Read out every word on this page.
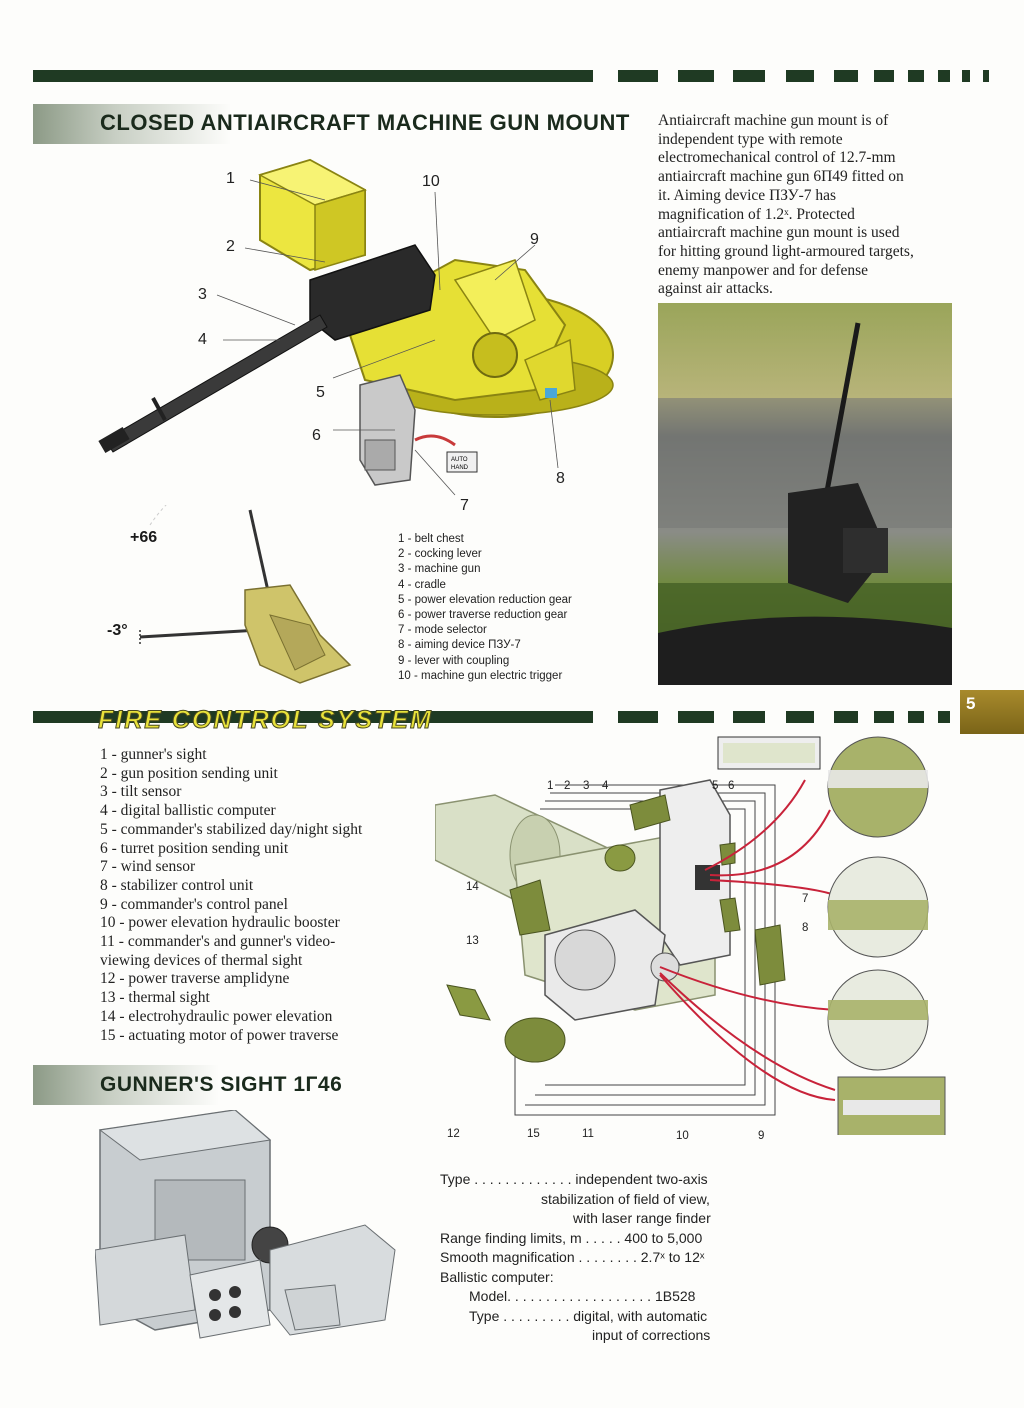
CLOSED ANTIAIRCRAFT MACHINE GUN MOUNT Antiaircraft machine gun mount is of
independent type with remote
electromechanical control of 12.7-mm
antiaircraft machine gun 6П49 fitted on
it. Aiming device ПЗУ-7 has
magnification of 1.2ˣ. Protected
antiaircraft machine gun mount is used
for hitting ground light-armoured targets,
enemy manpower and for defense
against air attacks.
AUTO
HAND
1
2
3
4
5
6
7
8
9
10
+66
-3°
1 - belt chest
2 - cocking lever
3 - machine gun
4 - cradle
5 - power elevation reduction gear
6 - power traverse reduction gear
7 - mode selector
8 - aiming device ПЗУ-7
9 - lever with coupling
10 - machine gun electric trigger
5
FIRE CONTROL SYSTEM
1 - gunner's sight
2 - gun position sending unit
3 - tilt sensor
4 - digital ballistic computer
5 - commander's stabilized day/night sight
6 - turret position sending unit
7 - wind sensor
8 - stabilizer control unit
9 - commander's control panel
10 - power elevation hydraulic booster
11 - commander's and gunner's video-
viewing devices of thermal sight
12 - power traverse amplidyne
13 - thermal sight
14 - electrohydraulic power elevation
15 - actuating motor of power traverse
1 2 3 4	5 6
7
8
9
10
11
12
13
14
15
GUNNER'S SIGHT 1Г46
Type . . . . . . . . . . . . . independent two-axis
stabilization of field of view,
with laser range finder
Range finding limits, m . . . . . 400 to 5,000
Smooth magnification . . . . . . . . 2.7ˣ to 12ˣ
Ballistic computer:
Model. . . . . . . . . . . . . . . . . . . 1B528
Type . . . . . . . . . digital, with automatic
input of corrections
